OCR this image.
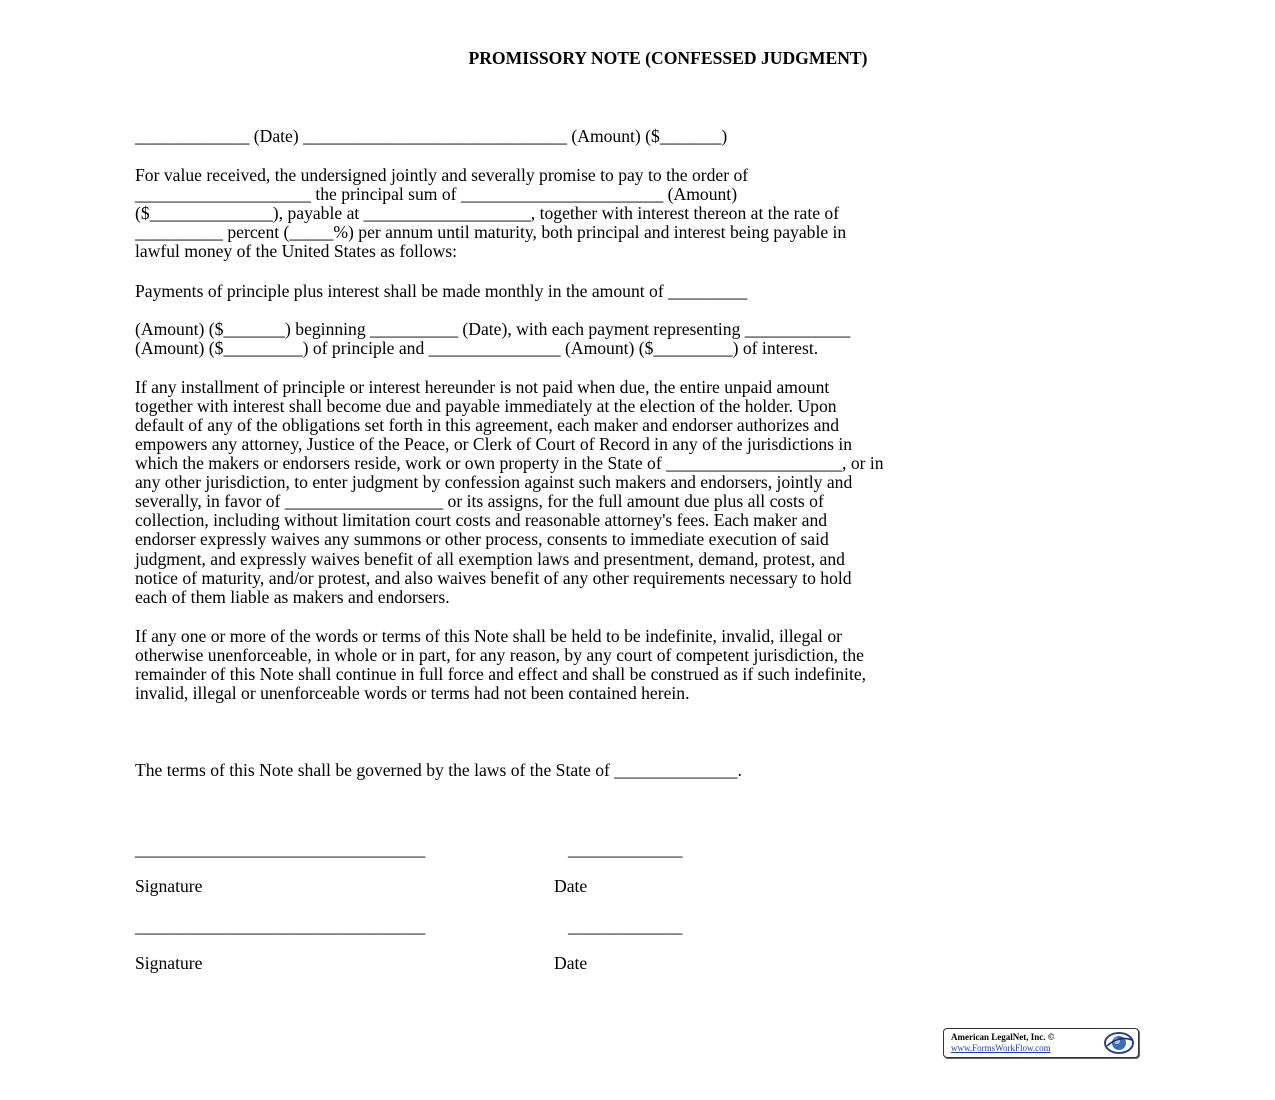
PROMISSORY NOTE (CONFESSED JUDGMENT)

_____________ (Date) ______________________________ (Amount) ($_______)

For value received, the undersigned jointly and severally promise to pay to the order of

____________________ the principal sum of _______________________ (Amount)

($______________), payable at ___________________, together with interest thereon at the rate of

__________ percent (_____%) per annum until maturity, both principal and interest being payable in

lawful money of the United States as follows:

Payments of principle plus interest shall be made monthly in the amount of _________

(Amount) ($_______) beginning __________ (Date), with each payment representing ____________

(Amount) ($_________) of principle and _______________ (Amount) ($_________) of interest.

If any installment of principle or interest hereunder is not paid when due, the entire unpaid amount

together with interest shall become due and payable immediately at the election of the holder. Upon

default of any of the obligations set forth in this agreement, each maker and endorser authorizes and

empowers any attorney, Justice of the Peace, or Clerk of Court of Record in any of the jurisdictions in

which the makers or endorsers reside, work or own property in the State of ____________________, or in

any other jurisdiction, to enter judgment by confession against such makers and endorsers, jointly and

severally, in favor of __________________ or its assigns, for the full amount due plus all costs of

collection, including without limitation court costs and reasonable attorney's fees. Each maker and

endorser expressly waives any summons or other process, consents to immediate execution of said

judgment, and expressly waives benefit of all exemption laws and presentment, demand, protest, and

notice of maturity, and/or protest, and also waives benefit of any other requirements necessary to hold

each of them liable as makers and endorsers.

If any one or more of the words or terms of this Note shall be held to be indefinite, invalid, illegal or

otherwise unenforceable, in whole or in part, for any reason, by any court of competent jurisdiction, the

remainder of this Note shall continue in full force and effect and shall be construed as if such indefinite,

invalid, illegal or unenforceable words or terms had not been contained herein.

The terms of this Note shall be governed by the laws of the State of ______________.

_________________________________	_____________

Signature	Date

_________________________________	_____________

Signature	Date

American LegalNet, Inc. ©
www.FormsWorkFlow.com
